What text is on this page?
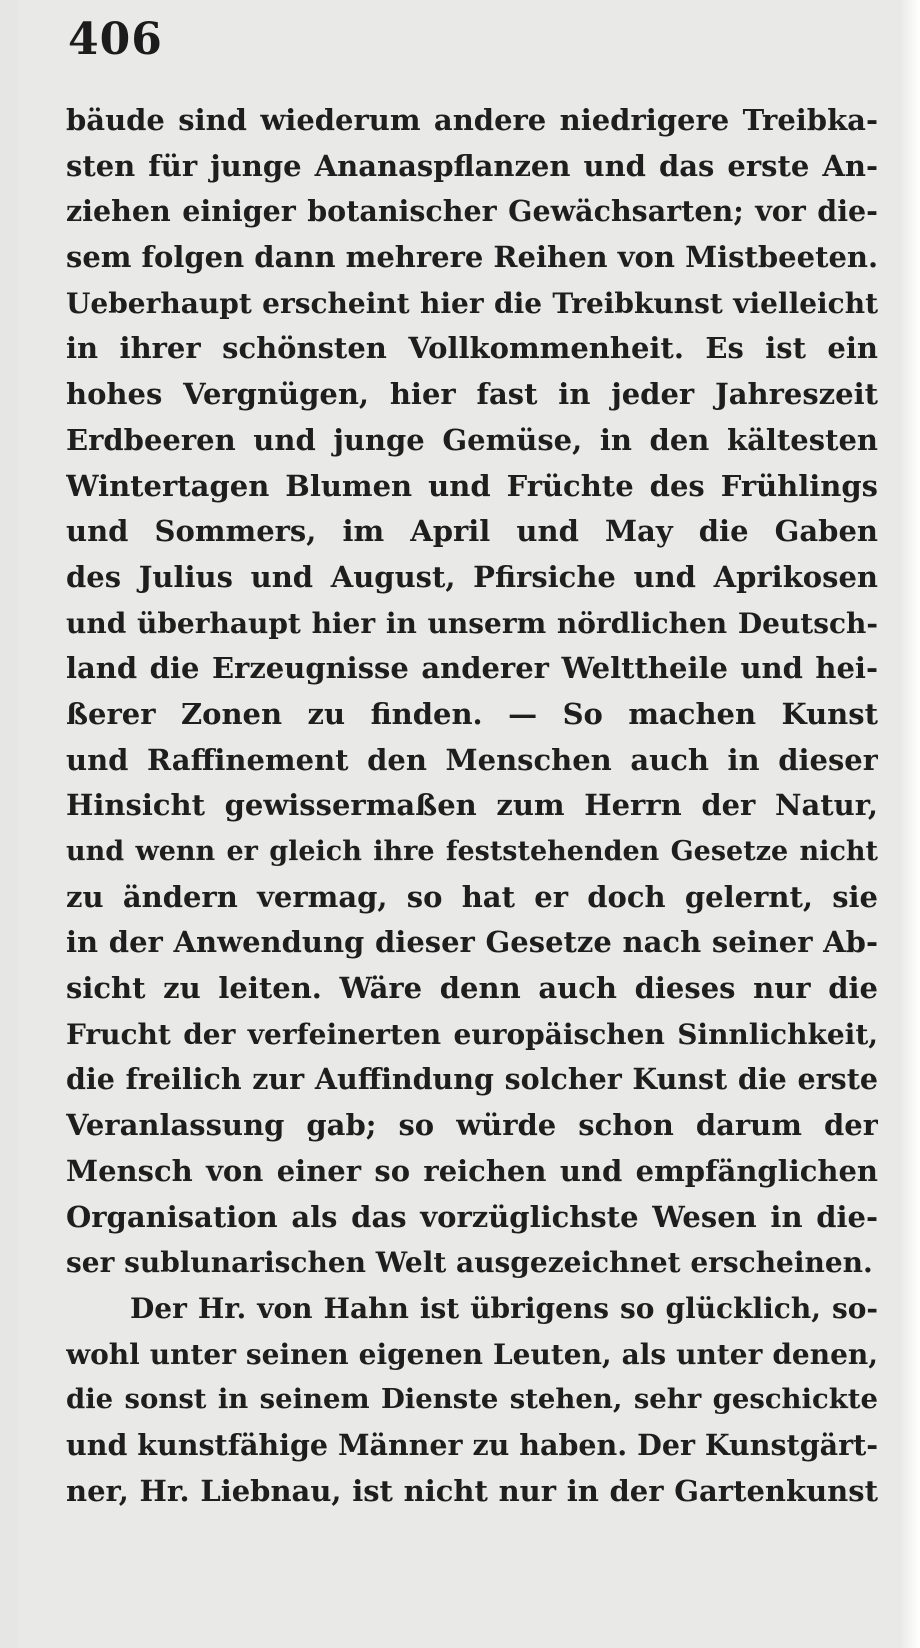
406
bäude sind wiederum andere niedrigere Treibka-
sten für junge Ananaspflanzen und das erste An-
ziehen einiger botanischer Gewächsarten; vor die-
sem folgen dann mehrere Reihen von Mistbeeten.
Ueberhaupt erscheint hier die Treibkunst vielleicht
in ihrer schönsten Vollkommenheit. Es ist ein
hohes Vergnügen, hier fast in jeder Jahreszeit
Erdbeeren und junge Gemüse, in den kältesten
Wintertagen Blumen und Früchte des Frühlings
und Sommers, im April und May die Gaben
des Julius und August, Pfirsiche und Aprikosen
und überhaupt hier in unserm nördlichen Deutsch-
land die Erzeugnisse anderer Welttheile und hei-
ßerer Zonen zu finden. — So machen Kunst
und Raffinement den Menschen auch in dieser
Hinsicht gewissermaßen zum Herrn der Natur,
und wenn er gleich ihre feststehenden Gesetze nicht
zu ändern vermag, so hat er doch gelernt, sie
in der Anwendung dieser Gesetze nach seiner Ab-
sicht zu leiten. Wäre denn auch dieses nur die
Frucht der verfeinerten europäischen Sinnlichkeit,
die freilich zur Auffindung solcher Kunst die erste
Veranlassung gab; so würde schon darum der
Mensch von einer so reichen und empfänglichen
Organisation als das vorzüglichste Wesen in die-
ser sublunarischen Welt ausgezeichnet erscheinen.
Der Hr. von Hahn ist übrigens so glücklich, so-
wohl unter seinen eigenen Leuten, als unter denen,
die sonst in seinem Dienste stehen, sehr geschickte
und kunstfähige Männer zu haben. Der Kunstgärt-
ner, Hr. Liebnau, ist nicht nur in der Gartenkunst
